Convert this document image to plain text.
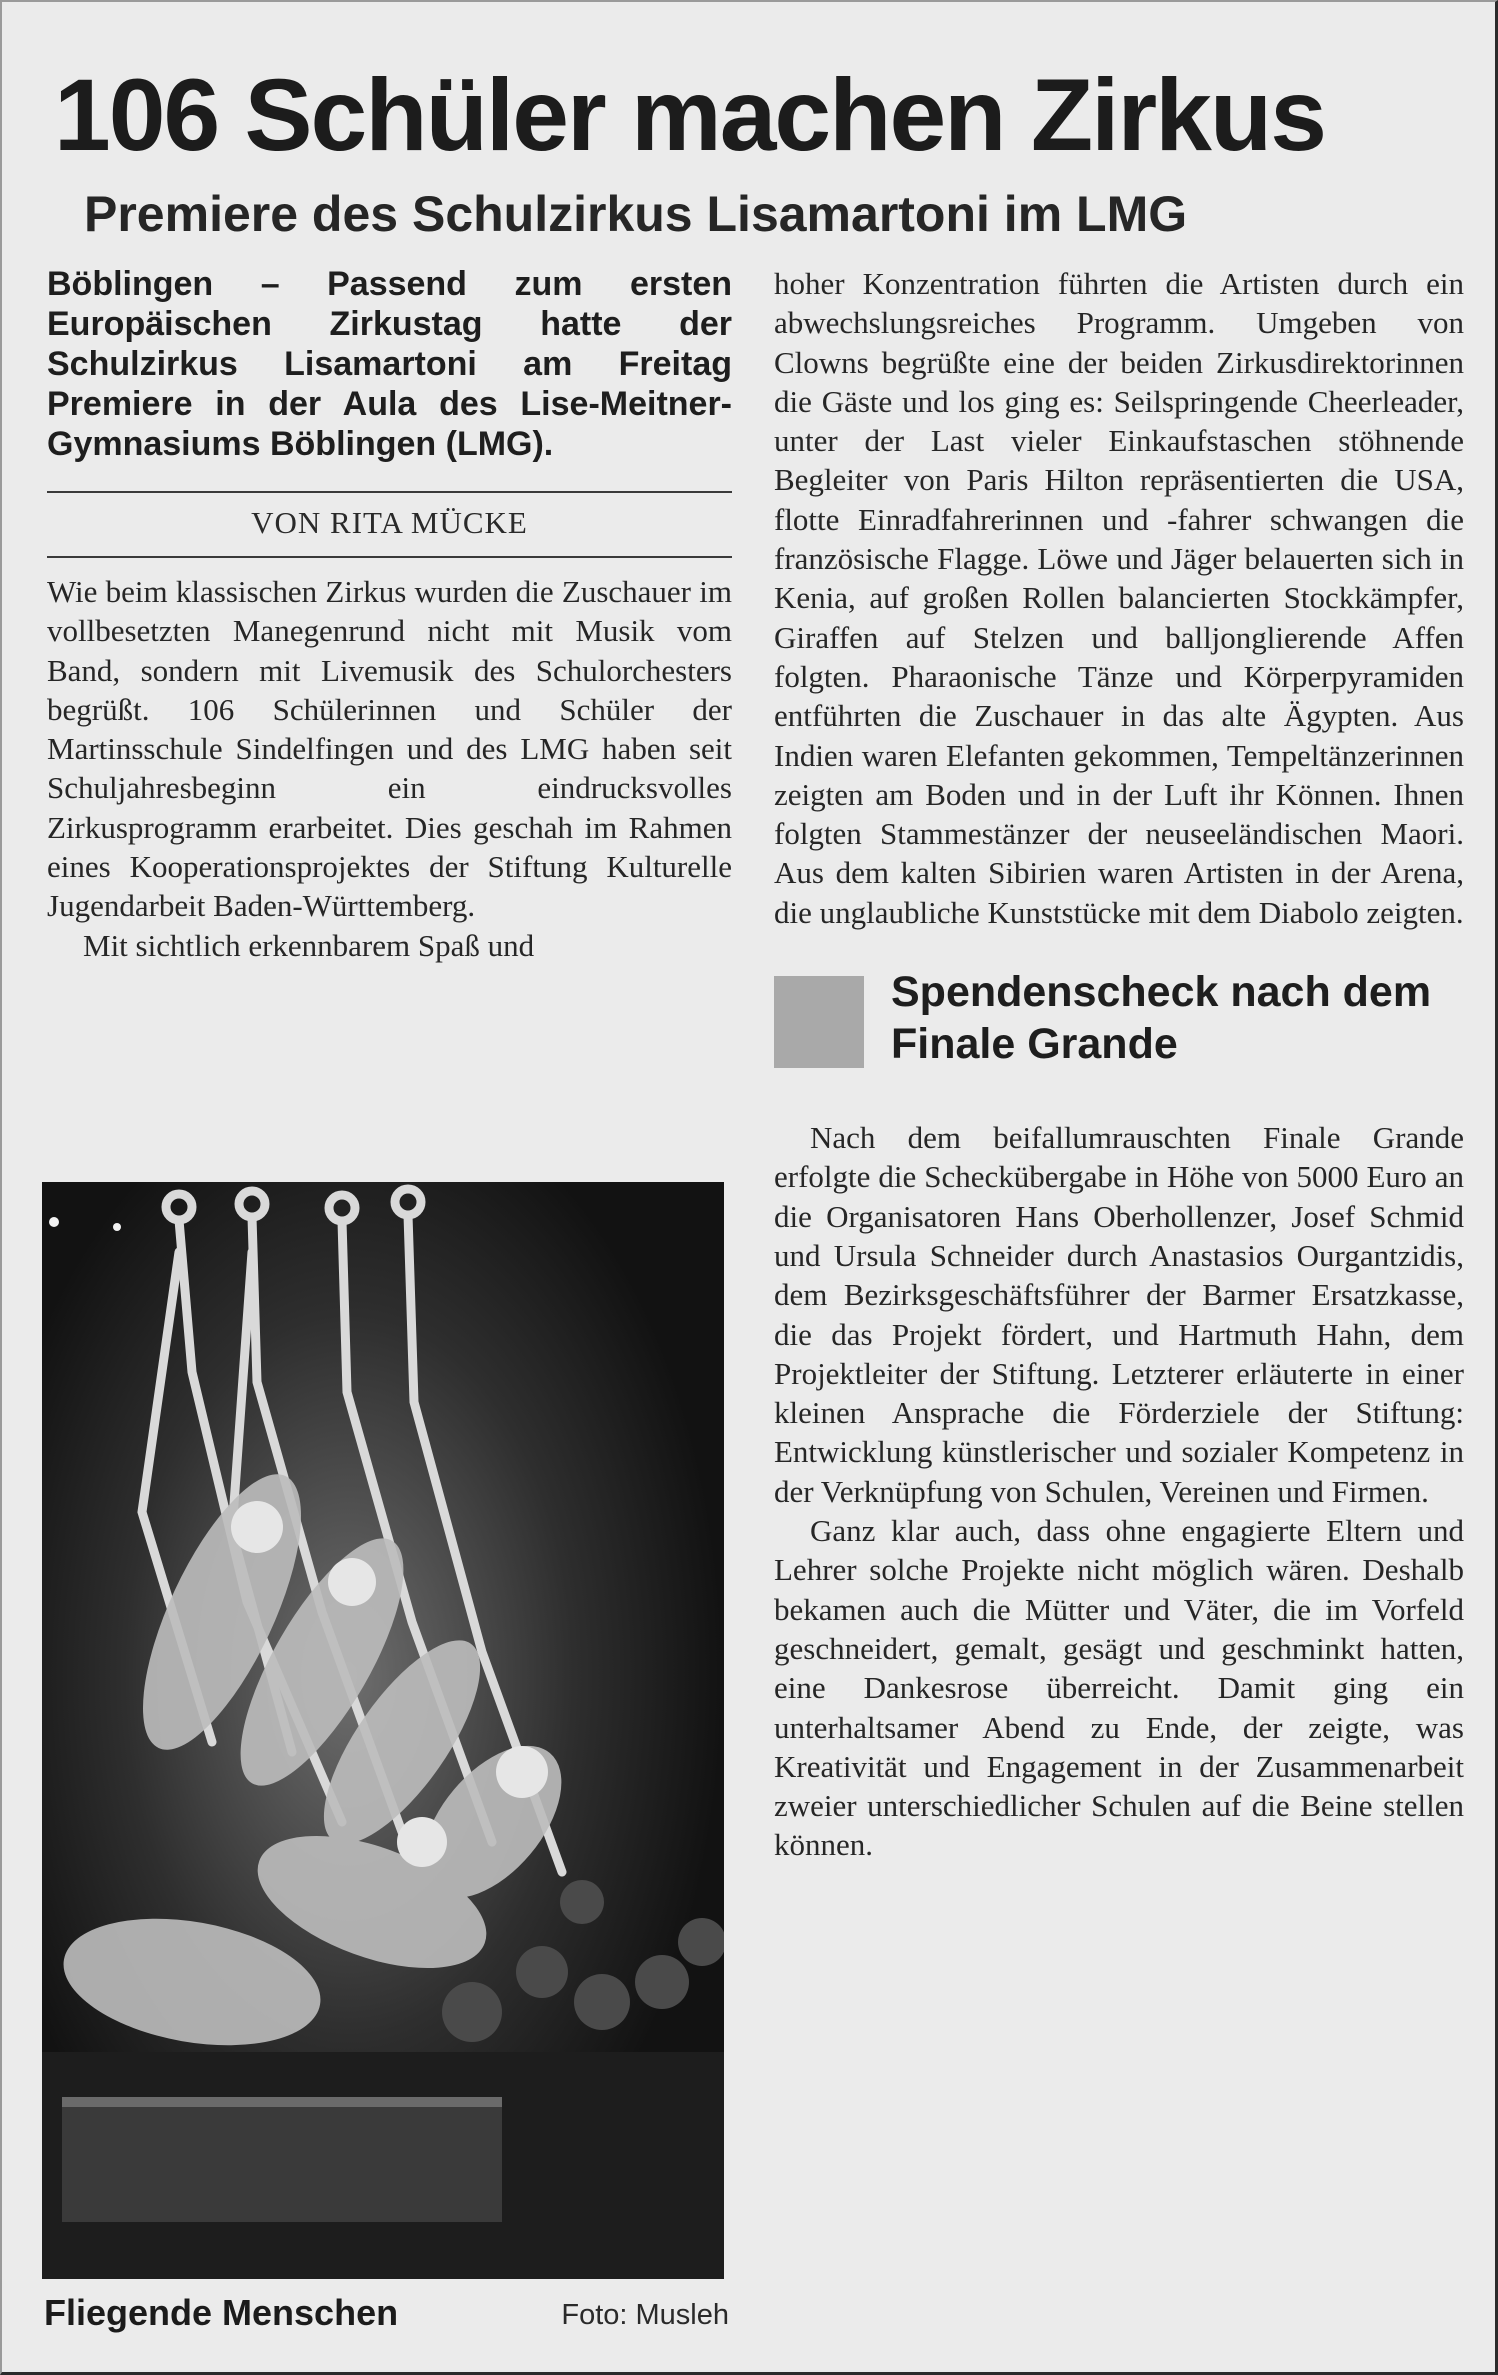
106 Schüler machen Zirkus
Premiere des Schulzirkus Lisamartoni im LMG

Böblingen – Passend zum ersten Europäischen Zirkustag hatte der Schulzirkus Lisamartoni am Freitag Premiere in der Aula des Lise-Meitner-Gymnasiums Böblingen (LMG).

VON RITA MÜCKE

Wie beim klassischen Zirkus wurden die Zuschauer im vollbesetzten Manegenrund nicht mit Musik vom Band, sondern mit Livemusik des Schulorchesters begrüßt. 106 Schülerinnen und Schüler der Martinsschule Sindelfingen und des LMG haben seit Schuljahresbeginn ein eindrucksvolles Zirkusprogramm erarbeitet. Dies geschah im Rahmen eines Kooperationsprojektes der Stiftung Kulturelle Jugendarbeit Baden-Württemberg.

Mit sichtlich erkennbarem Spaß und

Fliegende Menschen	Foto: Musleh

hoher Konzentration führten die Artisten durch ein abwechslungsreiches Programm. Umgeben von Clowns begrüßte eine der beiden Zirkusdirektorinnen die Gäste und los ging es: Seilspringende Cheerleader, unter der Last vieler Einkaufstaschen stöhnende Begleiter von Paris Hilton repräsentierten die USA, flotte Einradfahrerinnen und -fahrer schwangen die französische Flagge. Löwe und Jäger belauerten sich in Kenia, auf großen Rollen balancierten Stockkämpfer, Giraffen auf Stelzen und balljonglierende Affen folgten. Pharaonische Tänze und Körperpyramiden entführten die Zuschauer in das alte Ägypten. Aus Indien waren Elefanten gekommen, Tempeltänzerinnen zeigten am Boden und in der Luft ihr Können. Ihnen folgten Stammestänzer der neuseeländischen Maori. Aus dem kalten Sibirien waren Artisten in der Arena, die unglaubliche Kunststücke mit dem Diabolo zeigten.

Spendenscheck nach dem Finale Grande

Nach dem beifallumrauschten Finale Grande erfolgte die Scheckübergabe in Höhe von 5000 Euro an die Organisatoren Hans Oberhollenzer, Josef Schmid und Ursula Schneider durch Anastasios Ourgantzidis, dem Bezirksgeschäftsführer der Barmer Ersatzkasse, die das Projekt fördert, und Hartmuth Hahn, dem Projektleiter der Stiftung. Letzterer erläuterte in einer kleinen Ansprache die Förderziele der Stiftung: Entwicklung künstlerischer und sozialer Kompetenz in der Verknüpfung von Schulen, Vereinen und Firmen.

Ganz klar auch, dass ohne engagierte Eltern und Lehrer solche Projekte nicht möglich wären. Deshalb bekamen auch die Mütter und Väter, die im Vorfeld geschneidert, gemalt, gesägt und geschminkt hatten, eine Dankesrose überreicht. Damit ging ein unterhaltsamer Abend zu Ende, der zeigte, was Kreativität und Engagement in der Zusammenarbeit zweier unterschiedlicher Schulen auf die Beine stellen können.
